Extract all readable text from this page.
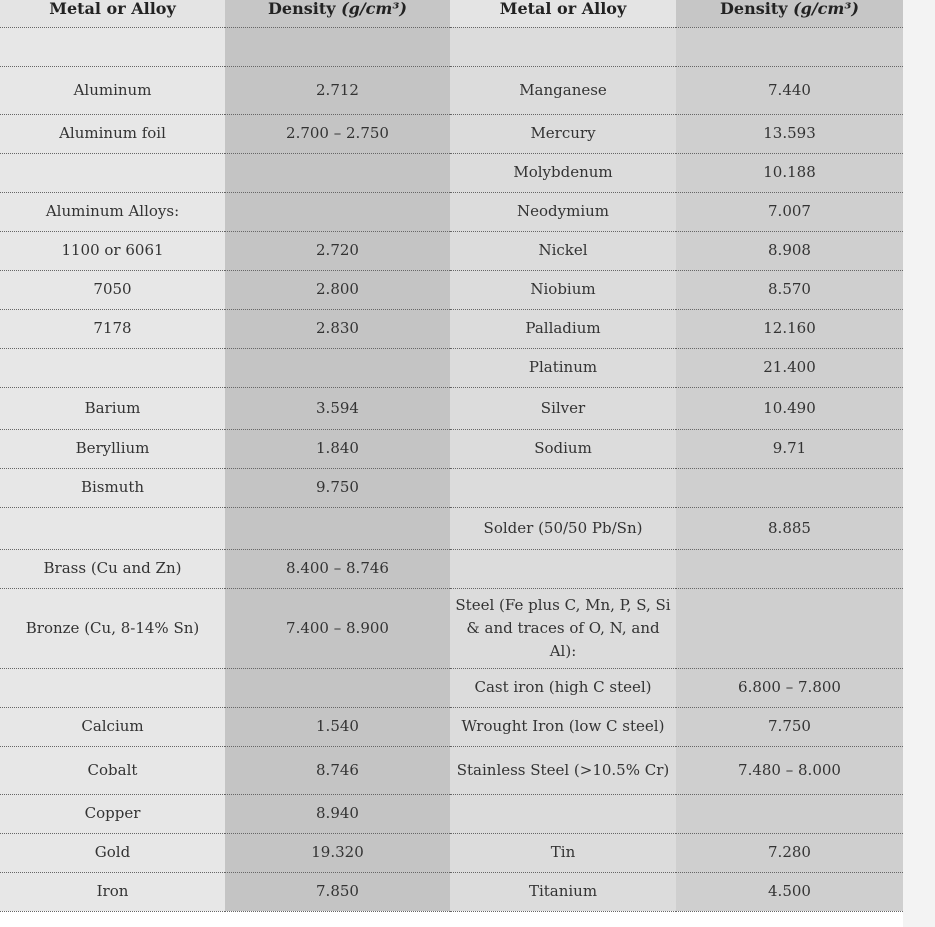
Metal or Alloy	Density (g/cm³)	Metal or Alloy	Density (g/cm³)

Aluminum	2.712	Manganese	7.440
Aluminum foil	2.700 – 2.750	Mercury	13.593
		Molybdenum	10.188
Aluminum Alloys:		Neodymium	7.007
1100 or 6061	2.720	Nickel	8.908
7050	2.800	Niobium	8.570
7178	2.830	Palladium	12.160
		Platinum	21.400
Barium	3.594	Silver	10.490
Beryllium	1.840	Sodium	9.71
Bismuth	9.750		
		Solder (50/50 Pb/Sn)	8.885
Brass (Cu and Zn)	8.400 – 8.746		
Bronze (Cu, 8-14% Sn)	7.400 – 8.900	Steel (Fe plus C, Mn, P, S, Si & and traces of O, N, and Al):	
		Cast iron (high C steel)	6.800 – 7.800
Calcium	1.540	Wrought Iron (low C steel)	7.750
Cobalt	8.746	Stainless Steel (>10.5% Cr)	7.480 – 8.000
Copper	8.940		
Gold	19.320	Tin	7.280
Iron	7.850	Titanium	4.500
